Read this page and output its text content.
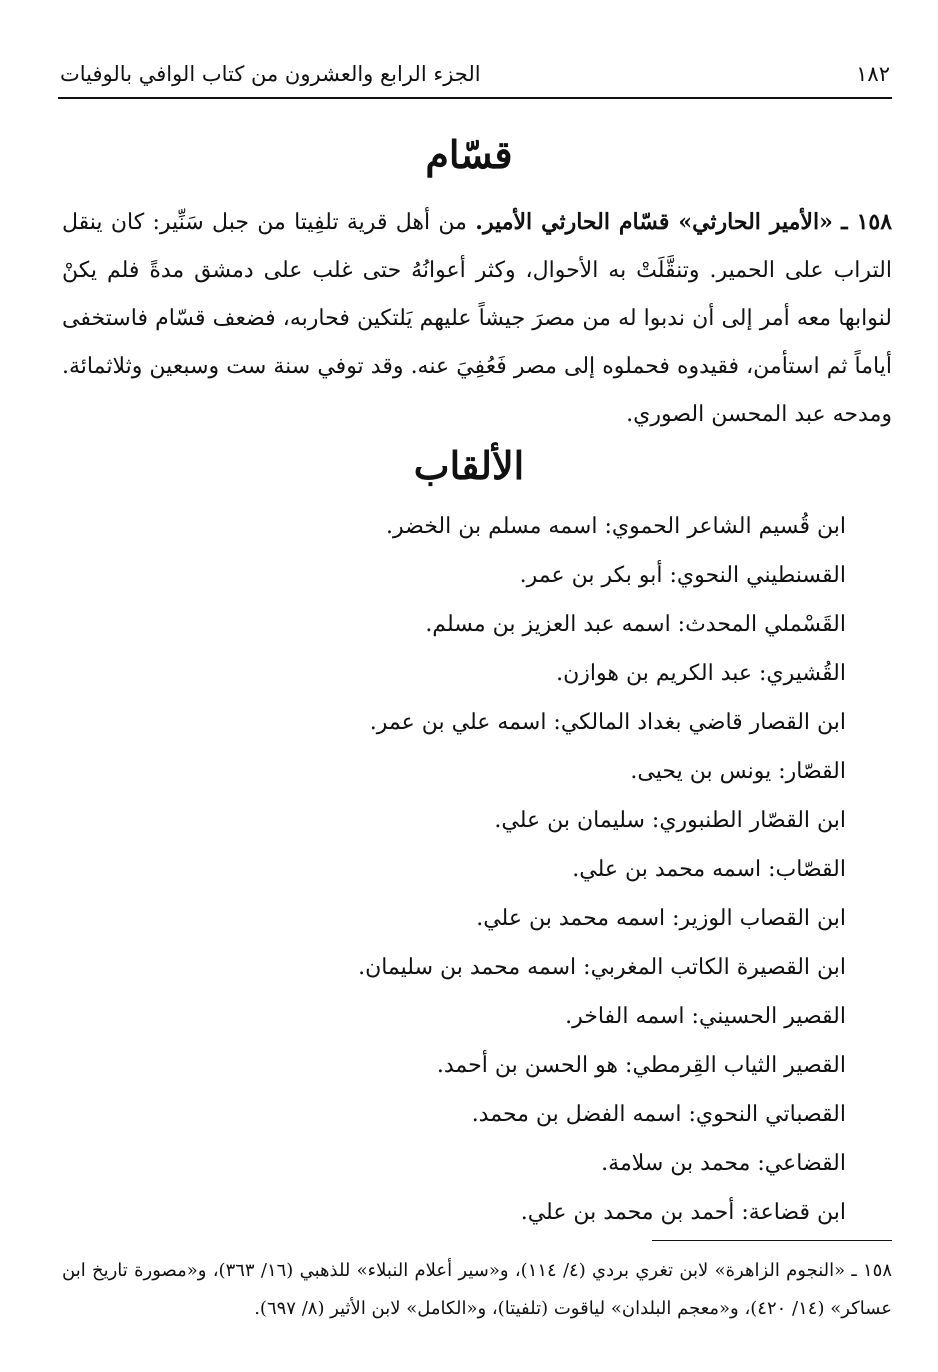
١٨٢
الجزء الرابع والعشرون من كتاب الوافي بالوفيات
قسّام
١٥٨ ـ «الأمير الحارثي» قسّام الحارثي الأمير. من أهل قرية تلفِيتا من جبل سَنِّير: كان ينقل التراب على الحمير. وتنقَّلَتْ به الأحوال، وكثر أعوانُهُ حتى غلب على دمشق مدةً فلم يكنْ لنوابها معه أمر إلى أن ندبوا له من مصرَ جيشاً عليهم يَلتكين فحاربه، فضعف قسّام فاستخفى أياماً ثم استأمن، فقيدوه فحملوه إلى مصر فَعُفِيَ عنه. وقد توفي سنة ست وسبعين وثلاثمائة. ومدحه عبد المحسن الصوري.
الألقاب
ابن قُسيم الشاعر الحموي: اسمه مسلم بن الخضر.
القسنطيني النحوي: أبو بكر بن عمر.
القَسْملي المحدث: اسمه عبد العزيز بن مسلم.
القُشيري: عبد الكريم بن هوازن.
ابن القصار قاضي بغداد المالكي: اسمه علي بن عمر.
القصّار: يونس بن يحيى.
ابن القصّار الطنبوري: سليمان بن علي.
القصّاب: اسمه محمد بن علي.
ابن القصاب الوزير: اسمه محمد بن علي.
ابن القصيرة الكاتب المغربي: اسمه محمد بن سليمان.
القصير الحسيني: اسمه الفاخر.
القصير الثياب القِرمطي: هو الحسن بن أحمد.
القصباتي النحوي: اسمه الفضل بن محمد.
القضاعي: محمد بن سلامة.
ابن قضاعة: أحمد بن محمد بن علي.
١٥٨ ـ «النجوم الزاهرة» لابن تغري بردي (٤/ ١١٤)، و«سير أعلام النبلاء» للذهبي (١٦/ ٣٦٣)، و«مصورة تاريخ ابن عساكر» (١٤/ ٤٢٠)، و«معجم البلدان» لياقوت (تلفيتا)، و«الكامل» لابن الأثير (٨/ ٦٩٧).
